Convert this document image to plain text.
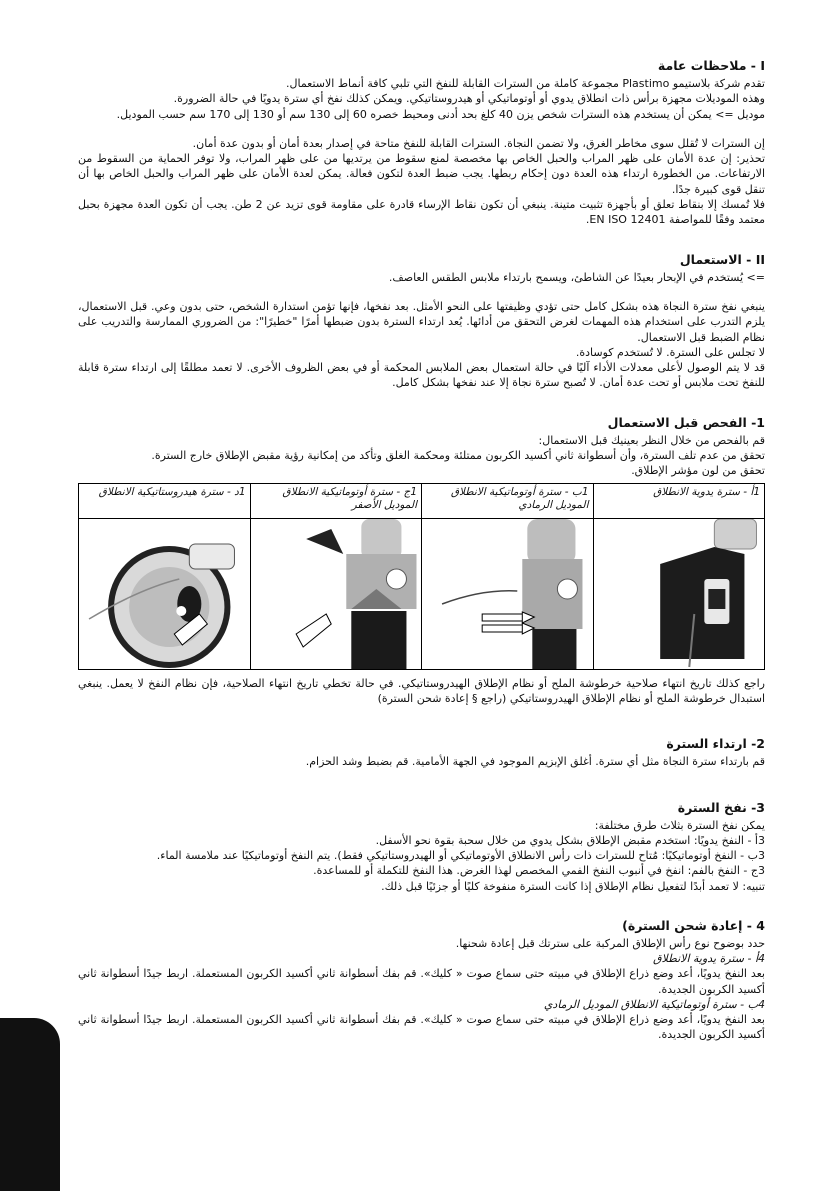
I - ملاحظات عامة

تقدم شركة بلاستيمو Plastimo مجموعة كاملة من السترات القابلة للنفخ التي تلبي كافة أنماط الاستعمال.

وهذه الموديلات مجهزة برأس ذات انطلاق يدوي أو أوتوماتيكي أو هيدروستاتيكي. ويمكن كذلك نفخ أي سترة يدويًا في حالة الضرورة.

موديل => يمكن أن يستخدم هذه السترات شخص يزن 40 كلغ بحد أدنى ومحيط خصره 60 إلى 130 سم أو 130 إلى 170 سم حسب الموديل.

إن السترات لا تُقلل سوى مخاطر الغرق، ولا تضمن النجاة. السترات القابلة للنفخ متاحة في إصدار بعدة أمان أو بدون عدة أمان.

تحذير: إن عدة الأمان على ظهر المراب والحبل الخاص بها مخصصة لمنع سقوط من يرتديها من على ظهر المراب، ولا توفر الحماية من السقوط من الارتفاعات. من الخطورة ارتداء هذه العدة دون إحكام ربطها. يجب ضبط العدة لتكون فعالة. يمكن لعدة الأمان على ظهر المراب والحبل الخاص بها أن تنقل قوى كبيرة جدًا.

فلا تُمسك إلا بنقاط تعلق أو بأجهزة تثبيت متينة. ينبغي أن تكون نقاط الإرساء قادرة على مقاومة قوى تزيد عن 2 طن. يجب أن تكون العدة مجهزة بحبل معتمد وفقًا للمواصفة EN ISO 12401.

II - الاستعمال

=> يُستخدم في الإبحار بعيدًا عن الشاطئ، ويسمح بارتداء ملابس الطقس العاصف.

ينبغي نفخ سترة النجاة هذه بشكل كامل حتى تؤدي وظيفتها على النحو الأمثل. بعد نفخها، فإنها تؤمن استدارة الشخص، حتى بدون وعي. قبل الاستعمال، يلزم التدرب على استخدام هذه المهمات لغرض التحقق من أدائها. يُعد ارتداء السترة بدون ضبطها أمرًا "خطيرًا": من الضروري الممارسة والتدريب على نظام الضبط قبل الاستعمال.

لا تجلس على السترة. لا تُستخدم كوسادة.

قد لا يتم الوصول لأعلى معدلات الأداء آليًا في حالة استعمال بعض الملابس المحكمة أو في بعض الظروف الأخرى. لا تعمد مطلقًا إلى ارتداء سترة قابلة للنفخ تحت ملابس أو تحت عدة أمان. لا تُصبح سترة نجاة إلا عند نفخها بشكل كامل.

1- الفحص قبل الاستعمال

قم بالفحص من خلال النظر بعينيك قبل الاستعمال:

تحقق من عدم تلف السترة، وأن أسطوانة ثاني أكسيد الكربون ممتلئة ومحكمة الغلق وتأكد من إمكانية رؤية مقبض الإطلاق خارج السترة.

تحقق من لون مؤشر الإطلاق.

1أ - سترة يدوية الانطلاق	1ب - سترة أوتوماتيكية الانطلاق الموديل الرمادي	1ج - سترة أوتوماتيكية الانطلاق الموديل الأصفر	1د - سترة هيدروستاتيكية الانطلاق

راجع كذلك تاريخ انتهاء صلاحية خرطوشة الملح أو نظام الإطلاق الهيدروستاتيكي. في حالة تخطي تاريخ انتهاء الصلاحية، فإن نظام النفخ لا يعمل. ينبغي استبدال خرطوشة الملح أو نظام الإطلاق الهيدروستاتيكي (راجع § إعادة شحن السترة)

2- ارتداء السترة

قم بارتداء سترة النجاة مثل أي سترة. أغلق الإبزيم الموجود في الجهة الأمامية. قم بضبط وشد الحزام.

3- نفخ السترة

يمكن نفخ السترة بثلاث طرق مختلفة:

3أ - النفخ يدويًا: استخدم مقبض الإطلاق بشكل يدوي من خلال سحبة بقوة نحو الأسفل.

3ب - النفخ أوتوماتيكيًا: مُتاح للسترات ذات رأس الانطلاق الأوتوماتيكي أو الهيدروستاتيكي فقط). يتم النفخ أوتوماتيكيًا عند ملامسة الماء.

3ج - النفخ بالفم: انفخ في أنبوب النفخ الفمي المخصص لهذا الغرض. هذا النفخ للتكملة أو للمساعدة.

تنبيه: لا تعمد أبدًا لتفعيل نظام الإطلاق إذا كانت السترة منفوخة كليًا أو جزئيًا قبل ذلك.

4 - إعادة شحن السترة)

حدد بوضوح نوع رأس الإطلاق المركبة على سترتك قبل إعادة شحنها.

4أ - سترة يدوية الانطلاق

بعد النفخ يدويًا، أعد وضع ذراع الإطلاق في مبيته حتى سماع صوت « كليك». قم بفك أسطوانة ثاني أكسيد الكربون المستعملة. اربط جيدًا أسطوانة ثاني أكسيد الكربون الجديدة.

4ب - سترة أوتوماتيكية الانطلاق الموديل الرمادي

بعد النفخ يدويًا، أعد وضع ذراع الإطلاق في مبيته حتى سماع صوت « كليك». قم بفك أسطوانة ثاني أكسيد الكربون المستعملة. اربط جيدًا أسطوانة ثاني أكسيد الكربون الجديدة.
